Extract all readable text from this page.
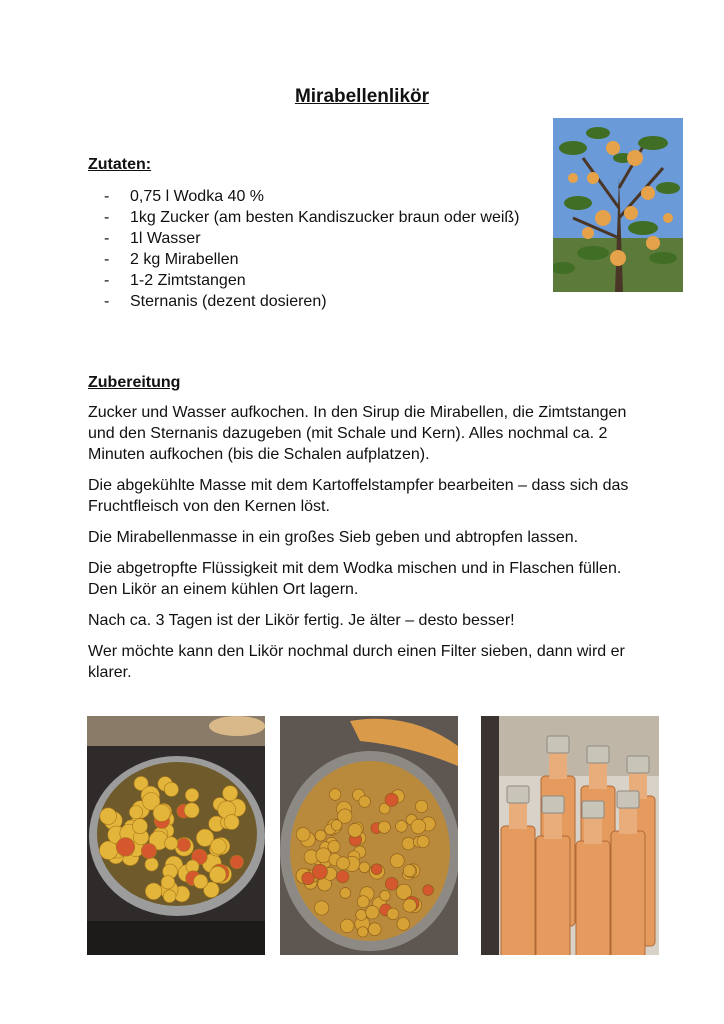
Mirabellenlikör
Zutaten:
- 0,75 l Wodka 40 %
- 1kg Zucker (am besten Kandiszucker braun oder weiß)
- 1l Wasser
- 2 kg Mirabellen
- 1-2 Zimtstangen
- Sternanis (dezent dosieren)
Zubereitung

Zucker und Wasser aufkochen. In den Sirup die Mirabellen, die Zimtstangen und den Sternanis dazugeben (mit Schale und Kern). Alles nochmal ca. 2 Minuten aufkochen (bis die Schalen aufplatzen).

Die abgekühlte Masse mit dem Kartoffelstampfer bearbeiten – dass sich das Fruchtfleisch von den Kernen löst.

Die Mirabellenmasse in ein großes Sieb geben und abtropfen lassen.

Die abgetropfte Flüssigkeit mit dem Wodka mischen und in Flaschen füllen. Den Likör an einem kühlen Ort lagern.

Nach ca. 3 Tagen ist der Likör fertig. Je älter – desto besser!

Wer möchte kann den Likör nochmal durch einen Filter sieben, dann wird er klarer.
